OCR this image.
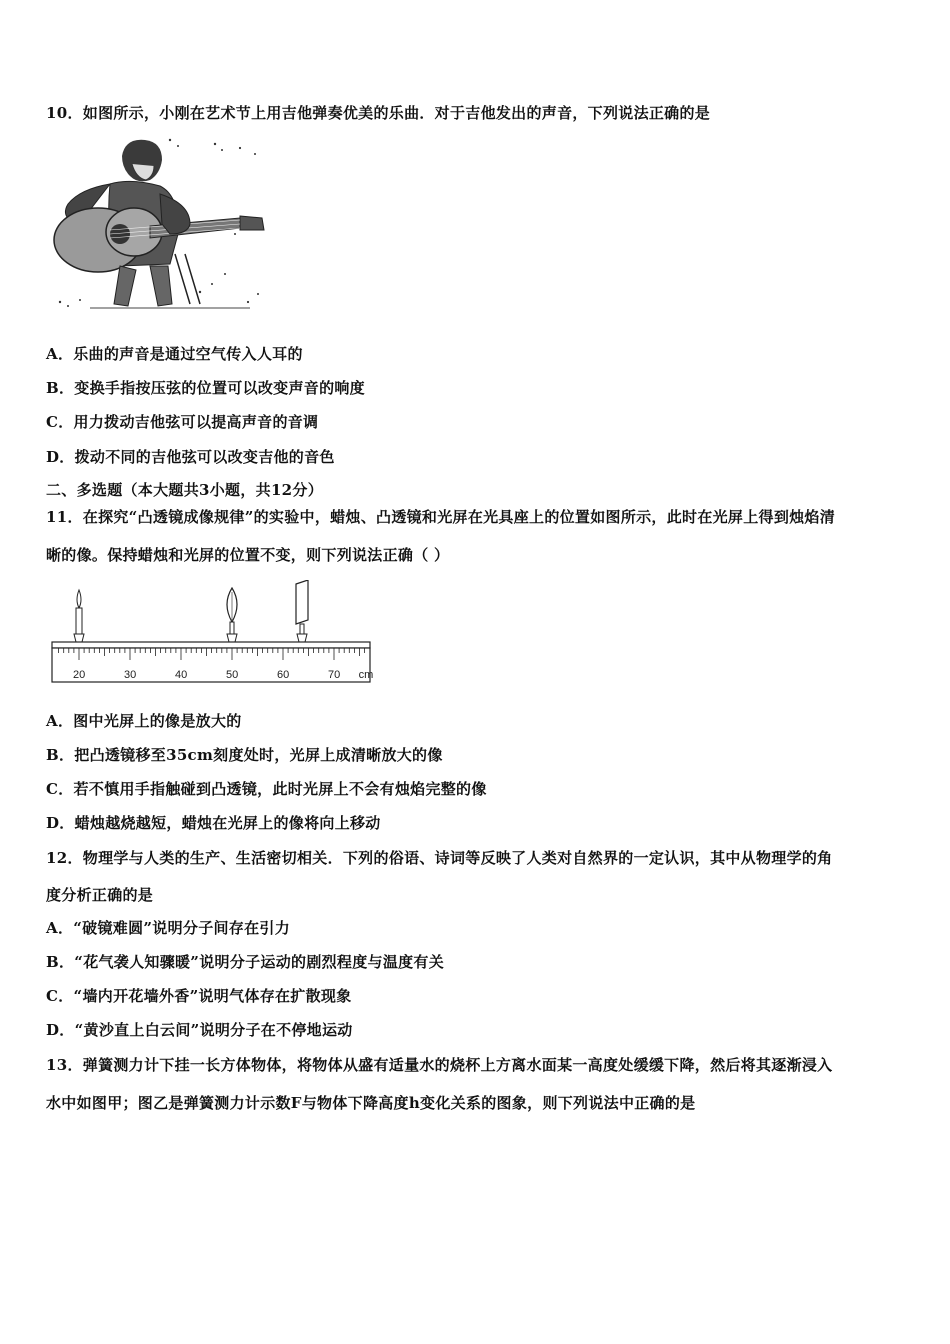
10．如图所示，小刚在艺术节上用吉他弹奏优美的乐曲．对于吉他发出的声音，下列说法正确的是
A．乐曲的声音是通过空气传入人耳的
B．变换手指按压弦的位置可以改变声音的响度
C．用力拨动吉他弦可以提高声音的音调
D．拨动不同的吉他弦可以改变吉他的音色
二、多选题（本大题共3小题，共12分）
11．在探究“凸透镜成像规律”的实验中，蜡烛、凸透镜和光屏在光具座上的位置如图所示，此时在光屏上得到烛焰清
晰的像。保持蜡烛和光屏的位置不变，则下列说法正确（ ）
20	30	40	50	60	70 cm
A．图中光屏上的像是放大的
B．把凸透镜移至35cm刻度处时，光屏上成清晰放大的像
C．若不慎用手指触碰到凸透镜，此时光屏上不会有烛焰完整的像
D．蜡烛越烧越短，蜡烛在光屏上的像将向上移动
12．物理学与人类的生产、生活密切相关．下列的俗语、诗词等反映了人类对自然界的一定认识，其中从物理学的角
度分析正确的是
A．“破镜难圆”说明分子间存在引力
B．“花气袭人知骤暖”说明分子运动的剧烈程度与温度有关
C．“墙内开花墙外香”说明气体存在扩散现象
D．“黄沙直上白云间”说明分子在不停地运动
13．弹簧测力计下挂一长方体物体，将物体从盛有适量水的烧杯上方离水面某一高度处缓缓下降，然后将其逐渐浸入
水中如图甲；图乙是弹簧测力计示数F与物体下降高度h变化关系的图象，则下列说法中正确的是
